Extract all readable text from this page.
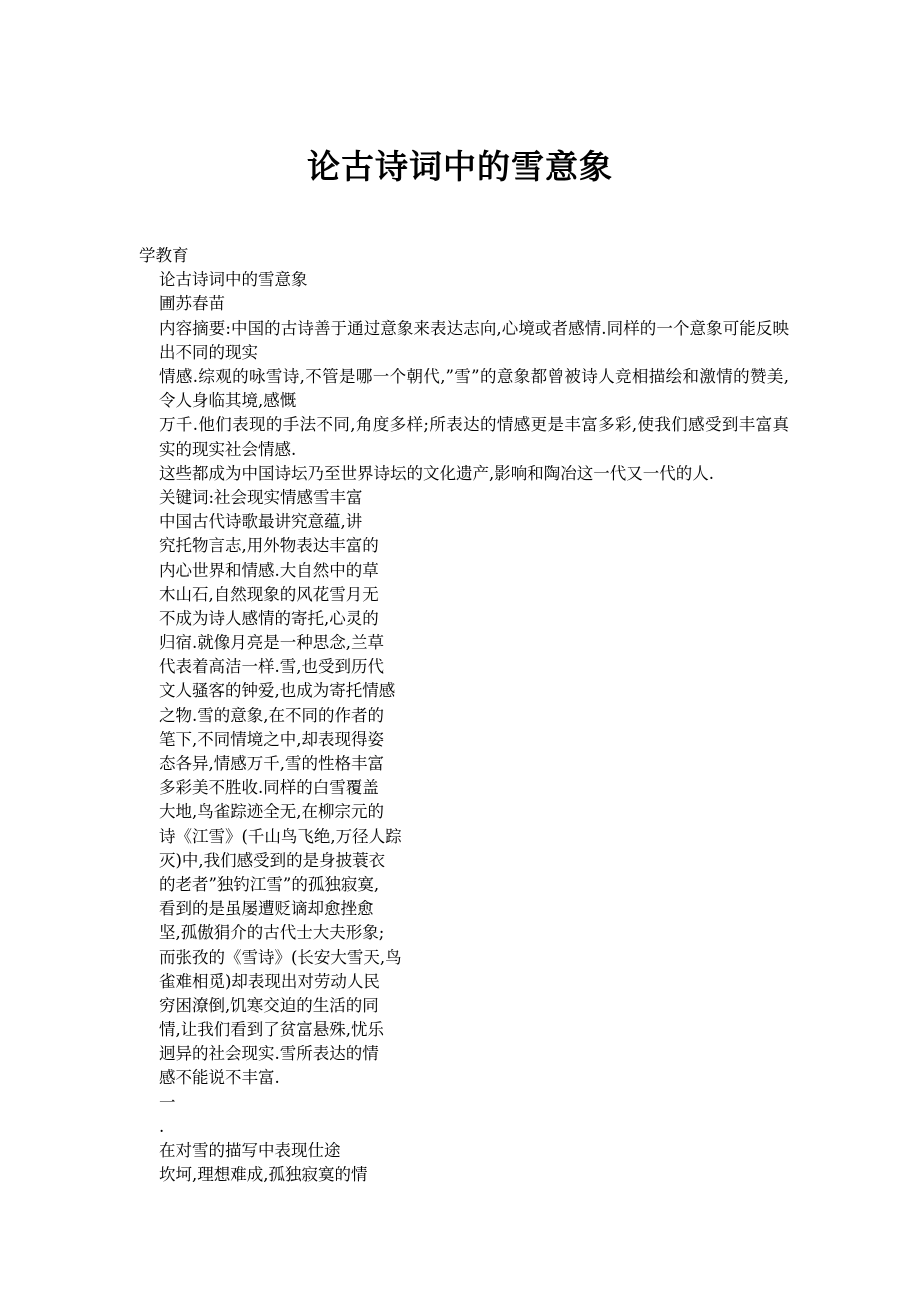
论古诗词中的雪意象
学教育
论古诗词中的雪意象
圃苏春苗
内容摘要:中国的古诗善于通过意象来表达志向,心境或者感情.同样的一个意象可能反映出不同的现实
情感.综观的咏雪诗,不管是哪一个朝代,”雪”的意象都曾被诗人竞相描绘和激情的赞美,令人身临其境,感慨
万千.他们表现的手法不同,角度多样;所表达的情感更是丰富多彩,使我们感受到丰富真实的现实社会情感.
这些都成为中国诗坛乃至世界诗坛的文化遗产,影响和陶冶这一代又一代的人.
关键词:社会现实情感雪丰富
中国古代诗歌最讲究意蕴,讲
究托物言志,用外物表达丰富的
内心世界和情感.大自然中的草
木山石,自然现象的风花雪月无
不成为诗人感情的寄托,心灵的
归宿.就像月亮是一种思念,兰草
代表着高洁一样.雪,也受到历代
文人骚客的钟爱,也成为寄托情感
之物.雪的意象,在不同的作者的
笔下,不同情境之中,却表现得姿
态各异,情感万千,雪的性格丰富
多彩美不胜收.同样的白雪覆盖
大地,鸟雀踪迹全无,在柳宗元的
诗《江雪》(千山鸟飞绝,万径人踪
灭)中,我们感受到的是身披蓑衣
的老者”独钓江雪”的孤独寂寞,
看到的是虽屡遭贬谪却愈挫愈
坚,孤傲狷介的古代士大夫形象;
而张孜的《雪诗》(长安大雪天,鸟
雀难相觅)却表现出对劳动人民
穷困潦倒,饥寒交迫的生活的同
情,让我们看到了贫富悬殊,忧乐
迥异的社会现实.雪所表达的情
感不能说不丰富.
一
.
在对雪的描写中表现仕途
坎坷,理想难成,孤独寂寞的情
